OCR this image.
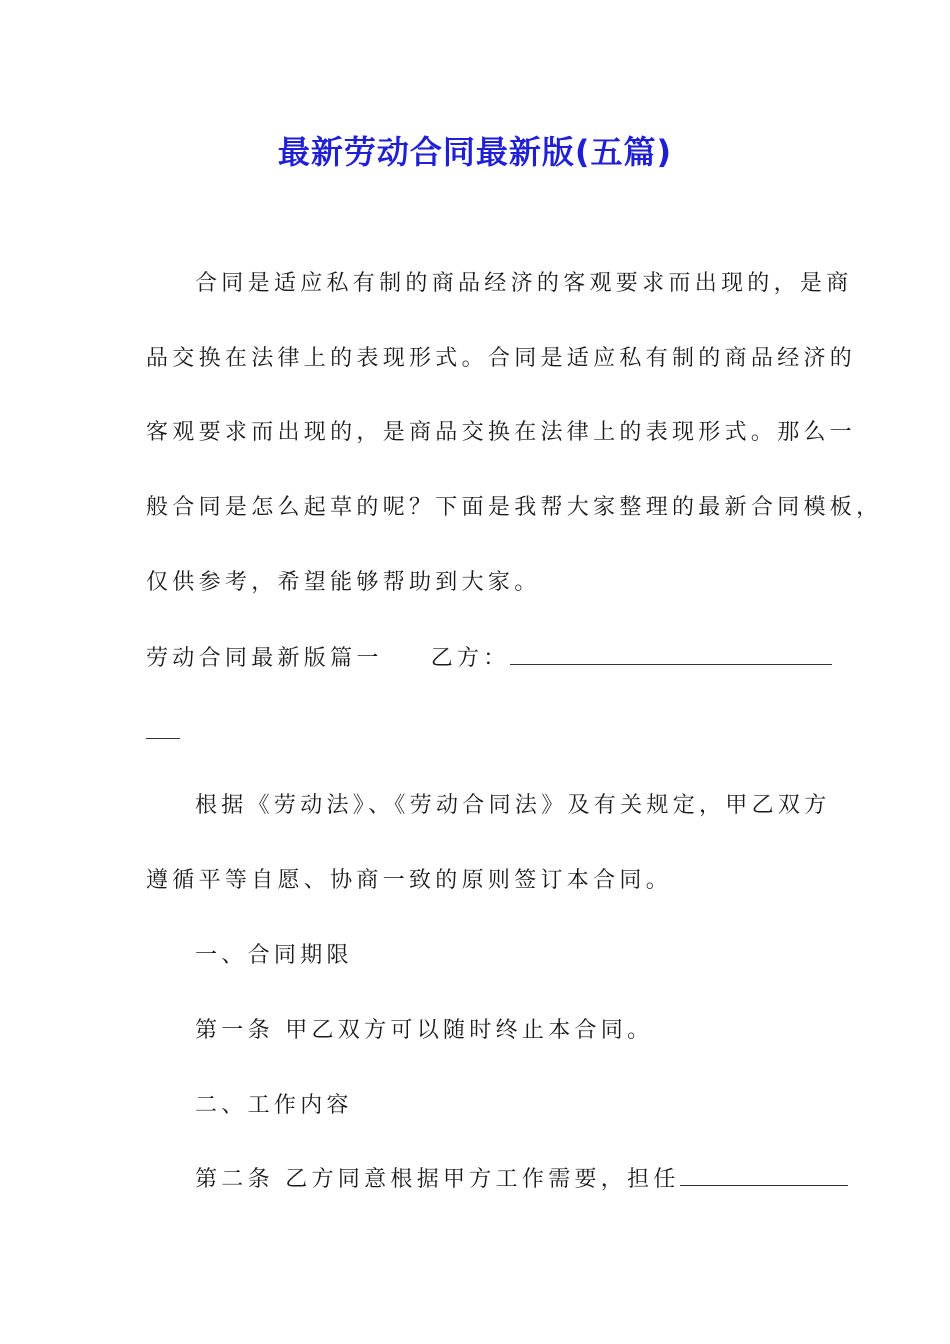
最新劳动合同最新版(五篇)
合同是适应私有制的商品经济的客观要求而出现的，是商
品交换在法律上的表现形式。合同是适应私有制的商品经济的
客观要求而出现的，是商品交换在法律上的表现形式。那么一
般合同是怎么起草的呢？下面是我帮大家整理的最新合同模板，
仅供参考，希望能够帮助到大家。
劳动合同最新版篇一 乙方：
根据《劳动法》、《劳动合同法》及有关规定，甲乙双方
遵循平等自愿、协商一致的原则签订本合同。
一、合同期限
第一条 甲乙双方可以随时终止本合同。
二、工作内容
第二条 乙方同意根据甲方工作需要，担任
